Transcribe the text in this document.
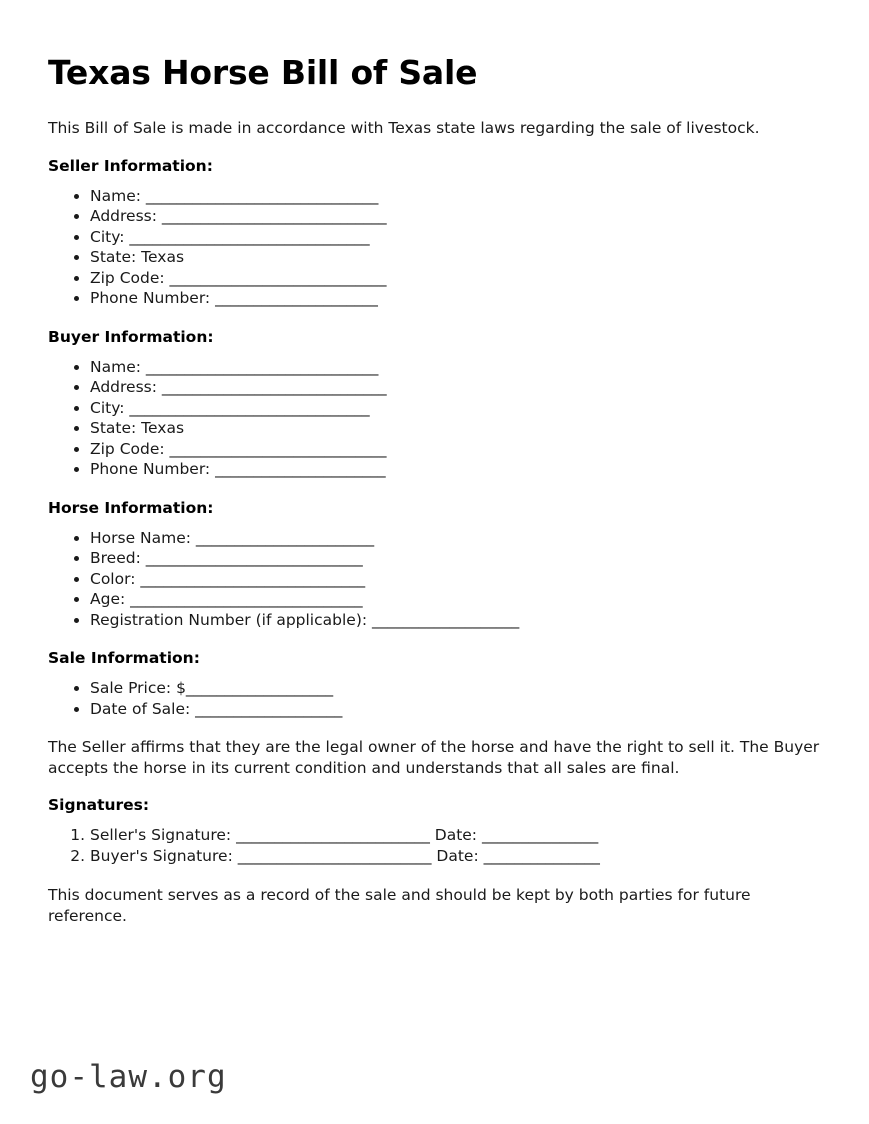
Texas Horse Bill of Sale

This Bill of Sale is made in accordance with Texas state laws regarding the sale of livestock.

Seller Information:
• Name: ______________________________
• Address: _____________________________
• City: _______________________________
• State: Texas
• Zip Code: ____________________________
• Phone Number: _____________________
Buyer Information:
• Name: ______________________________
• Address: _____________________________
• City: _______________________________
• State: Texas
• Zip Code: ____________________________
• Phone Number: ______________________
Horse Information:
• Horse Name: _______________________
• Breed: ____________________________
• Color: _____________________________
• Age: ______________________________
• Registration Number (if applicable): ___________________
Sale Information:
• Sale Price: $___________________
• Date of Sale: ___________________

The Seller affirms that they are the legal owner of the horse and have the right to sell it. The Buyer accepts the horse in its current condition and understands that all sales are final.

Signatures:
1. Seller's Signature: _________________________ Date: _______________
2. Buyer's Signature: _________________________ Date: _______________

This document serves as a record of the sale and should be kept by both parties for future reference.

go-law.org
